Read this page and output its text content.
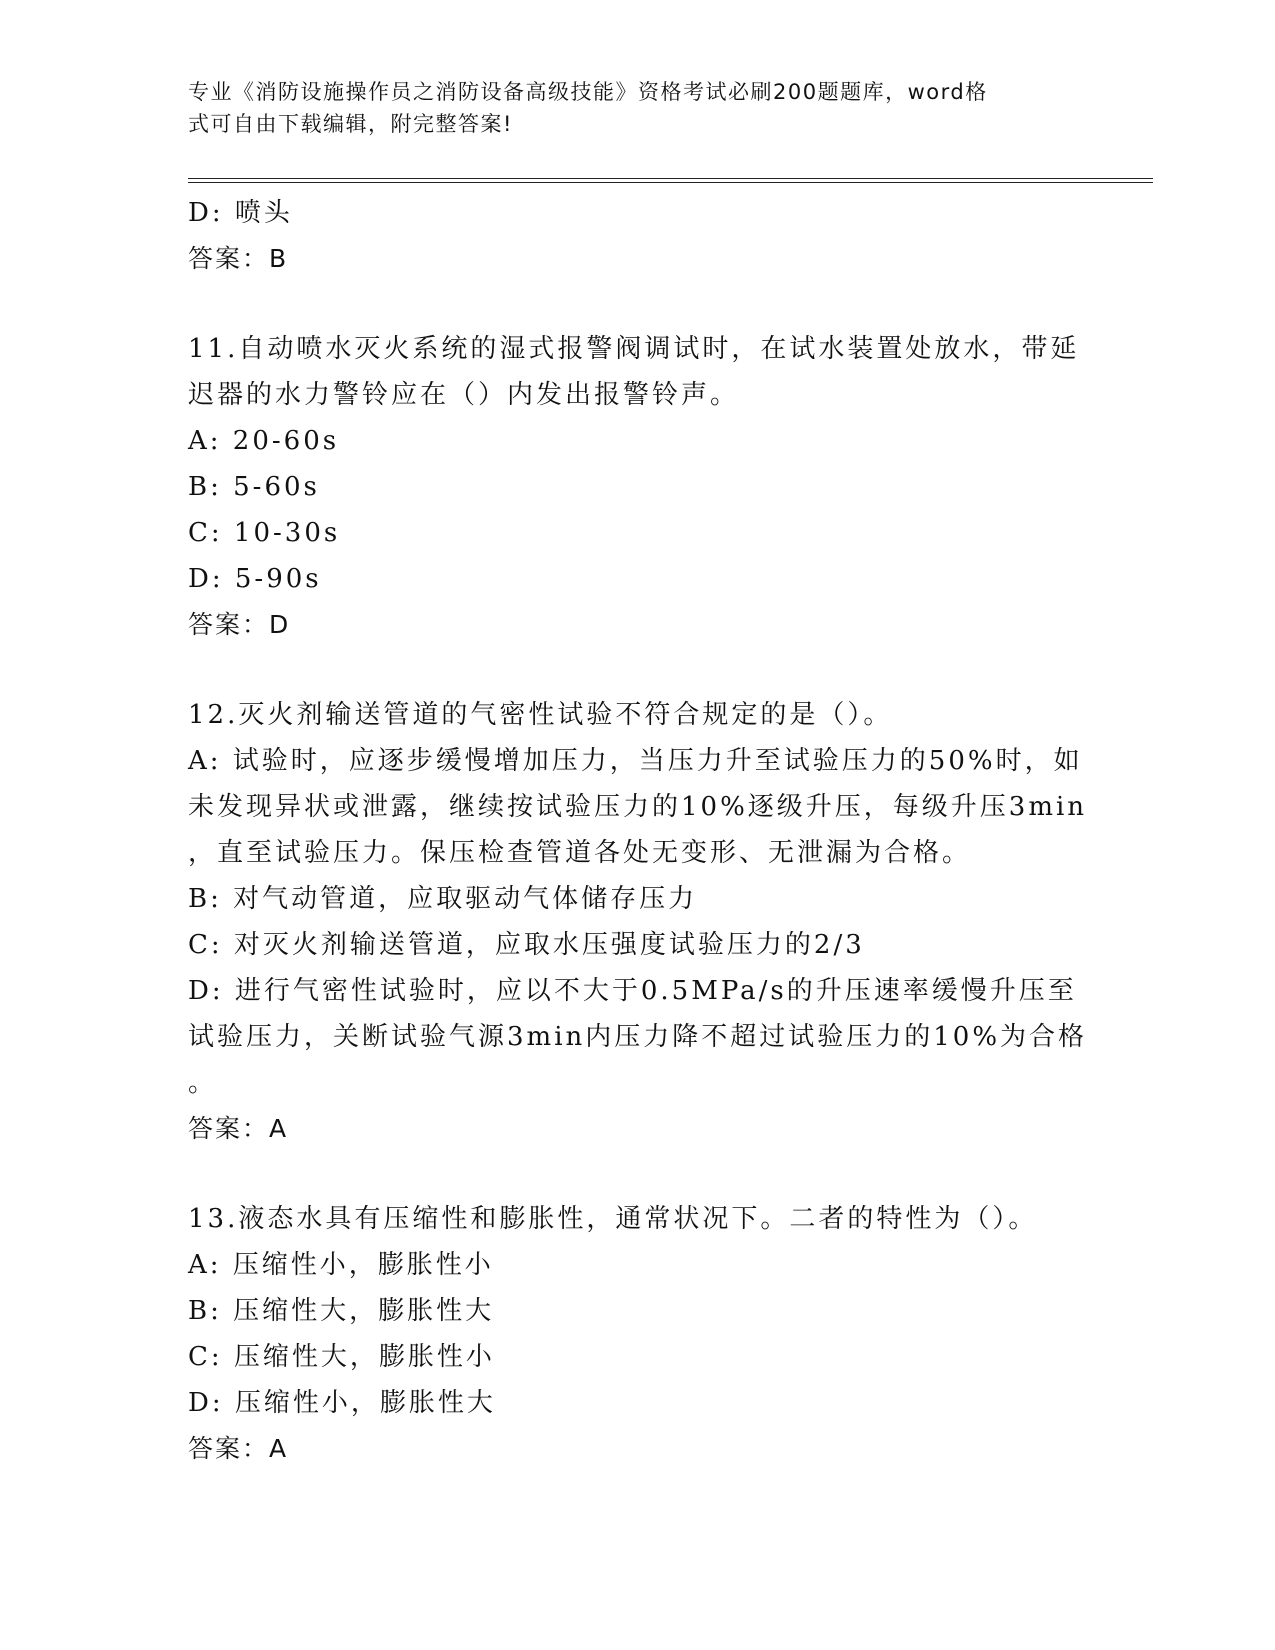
专业《消防设施操作员之消防设备高级技能》资格考试必刷200题题库，word格
式可自由下载编辑，附完整答案!
D: 喷头
答案：B
11.自动喷水灭火系统的湿式报警阀调试时，在试水装置处放水，带延
迟器的水力警铃应在（）内发出报警铃声。
A: 20-60s
B: 5-60s
C: 10-30s
D: 5-90s
答案：D
12.灭火剂输送管道的气密性试验不符合规定的是（）。
A: 试验时，应逐步缓慢增加压力，当压力升至试验压力的50%时，如
未发现异状或泄露，继续按试验压力的10%逐级升压，每级升压3min
，直至试验压力。保压检查管道各处无变形、无泄漏为合格。
B: 对气动管道，应取驱动气体储存压力
C: 对灭火剂输送管道，应取水压强度试验压力的2/3
D: 进行气密性试验时，应以不大于0.5MPa/s的升压速率缓慢升压至
试验压力，关断试验气源3min内压力降不超过试验压力的10%为合格
。
答案：A
13.液态水具有压缩性和膨胀性，通常状况下。二者的特性为（）。
A: 压缩性小，膨胀性小
B: 压缩性大，膨胀性大
C: 压缩性大，膨胀性小
D: 压缩性小，膨胀性大
答案：A
